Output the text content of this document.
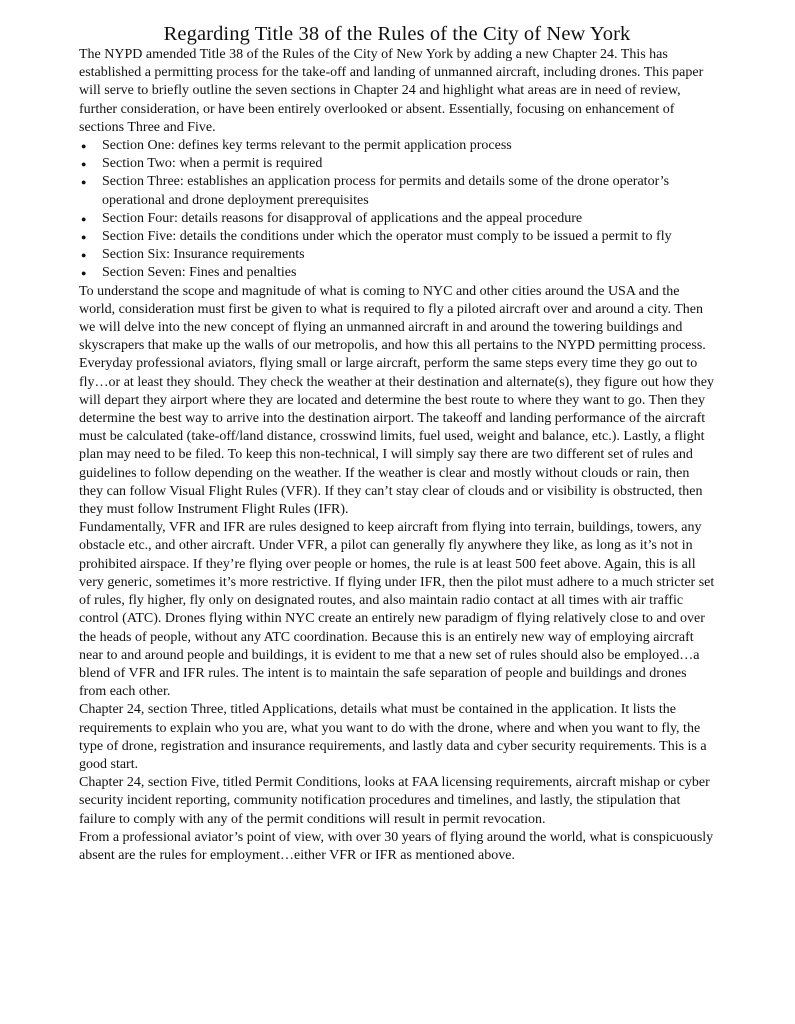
Regarding Title 38 of the Rules of the City of New York

The NYPD amended Title 38 of the Rules of the City of New York by adding a new Chapter 24. This has established a permitting process for the take-off and landing of unmanned aircraft, including drones. This paper will serve to briefly outline the seven sections in Chapter 24 and highlight what areas are in need of review, further consideration, or have been entirely overlooked or absent. Essentially, focusing on enhancement of sections Three and Five.

● Section One: defines key terms relevant to the permit application process
● Section Two: when a permit is required
● Section Three: establishes an application process for permits and details some of the drone operator’s operational and drone deployment prerequisites
● Section Four: details reasons for disapproval of applications and the appeal procedure
● Section Five: details the conditions under which the operator must comply to be issued a permit to fly
● Section Six: Insurance requirements
● Section Seven: Fines and penalties

To understand the scope and magnitude of what is coming to NYC and other cities around the USA and the world, consideration must first be given to what is required to fly a piloted aircraft over and around a city. Then we will delve into the new concept of flying an unmanned aircraft in and around the towering buildings and skyscrapers that make up the walls of our metropolis, and how this all pertains to the NYPD permitting process.

Everyday professional aviators, flying small or large aircraft, perform the same steps every time they go out to fly…or at least they should. They check the weather at their destination and alternate(s), they figure out how they will depart they airport where they are located and determine the best route to where they want to go. Then they determine the best way to arrive into the destination airport. The takeoff and landing performance of the aircraft must be calculated (take-off/land distance, crosswind limits, fuel used, weight and balance, etc.). Lastly, a flight plan may need to be filed. To keep this non-technical, I will simply say there are two different set of rules and guidelines to follow depending on the weather. If the weather is clear and mostly without clouds or rain, then they can follow Visual Flight Rules (VFR). If they can’t stay clear of clouds and or visibility is obstructed, then they must follow Instrument Flight Rules (IFR).

Fundamentally, VFR and IFR are rules designed to keep aircraft from flying into terrain, buildings, towers, any obstacle etc., and other aircraft. Under VFR, a pilot can generally fly anywhere they like, as long as it’s not in prohibited airspace. If they’re flying over people or homes, the rule is at least 500 feet above. Again, this is all very generic, sometimes it’s more restrictive. If flying under IFR, then the pilot must adhere to a much stricter set of rules, fly higher, fly only on designated routes, and also maintain radio contact at all times with air traffic control (ATC). Drones flying within NYC create an entirely new paradigm of flying relatively close to and over the heads of people, without any ATC coordination. Because this is an entirely new way of employing aircraft near to and around people and buildings, it is evident to me that a new set of rules should also be employed…a blend of VFR and IFR rules. The intent is to maintain the safe separation of people and buildings and drones from each other.

Chapter 24, section Three, titled Applications, details what must be contained in the application. It lists the requirements to explain who you are, what you want to do with the drone, where and when you want to fly, the type of drone, registration and insurance requirements, and lastly data and cyber security requirements. This is a good start.

Chapter 24, section Five, titled Permit Conditions, looks at FAA licensing requirements, aircraft mishap or cyber security incident reporting, community notification procedures and timelines, and lastly, the stipulation that failure to comply with any of the permit conditions will result in permit revocation.

From a professional aviator’s point of view, with over 30 years of flying around the world, what is conspicuously absent are the rules for employment…either VFR or IFR as mentioned above.
